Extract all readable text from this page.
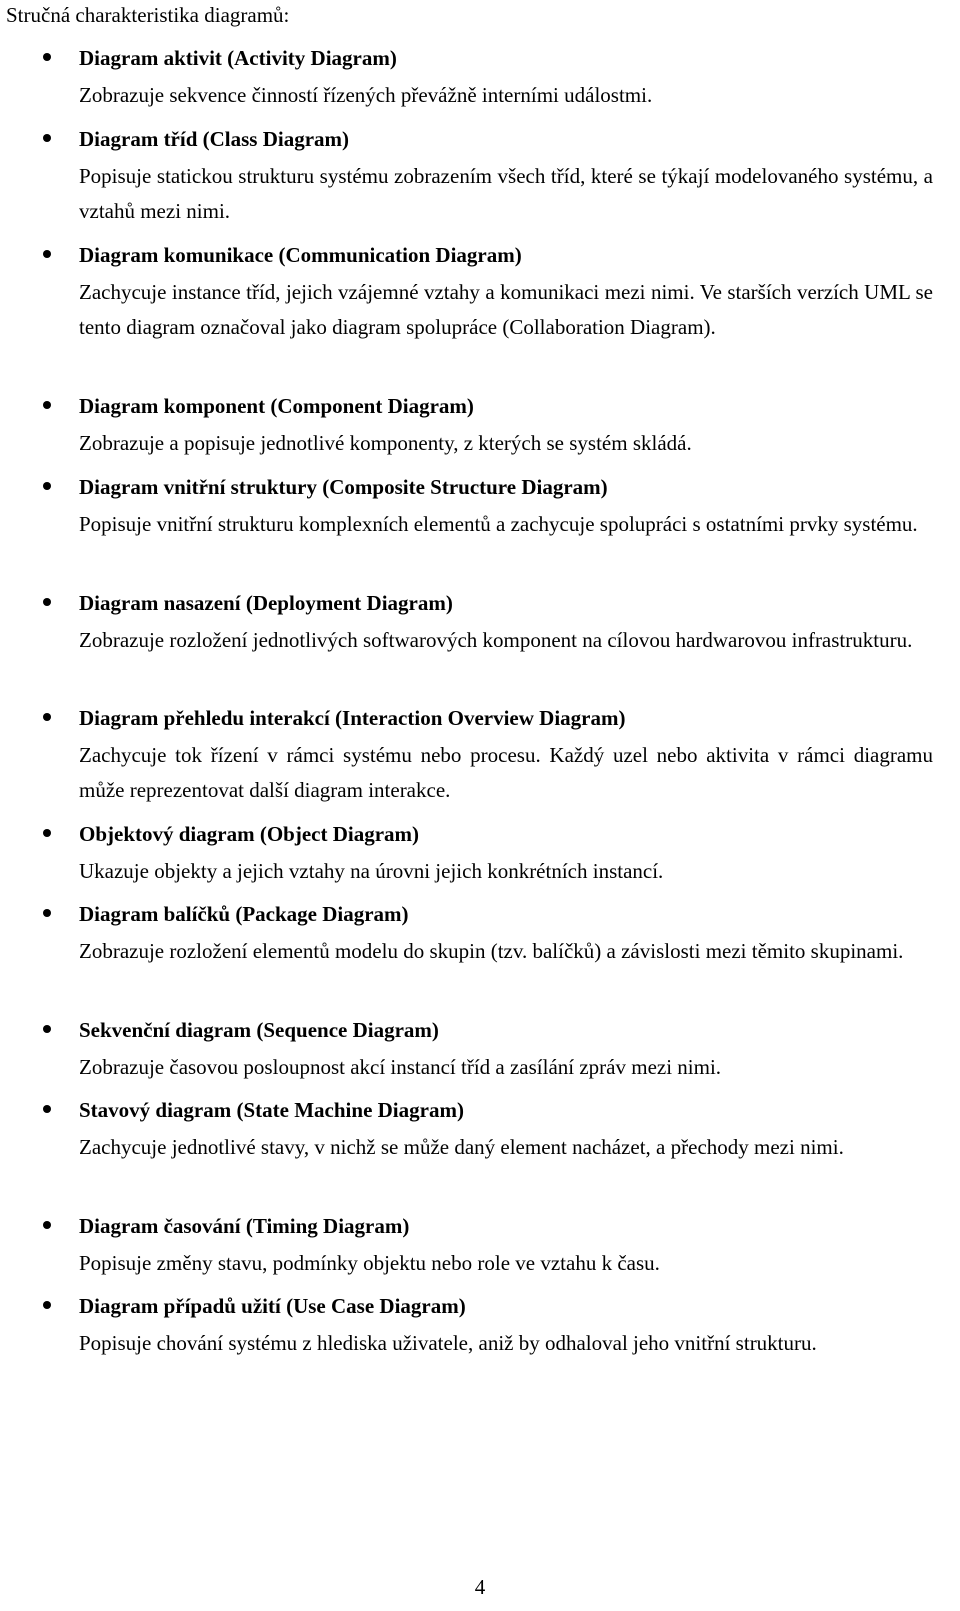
Stručná charakteristika diagramů:
Diagram aktivit (Activity Diagram)
Zobrazuje sekvence činností řízených převážně interními událostmi.
Diagram tříd (Class Diagram)
Popisuje statickou strukturu systému zobrazením všech tříd, které se týkají modelovaného systému, a vztahů mezi nimi.
Diagram komunikace (Communication Diagram)
Zachycuje instance tříd, jejich vzájemné vztahy a komunikaci mezi nimi. Ve starších verzích UML se tento diagram označoval jako diagram spolupráce (Collaboration Diagram).
Diagram komponent (Component Diagram)
Zobrazuje a popisuje jednotlivé komponenty, z kterých se systém skládá.
Diagram vnitřní struktury (Composite Structure Diagram)
Popisuje vnitřní strukturu komplexních elementů a zachycuje spolupráci s ostatními prvky systému.
Diagram nasazení (Deployment Diagram)
Zobrazuje rozložení jednotlivých softwarových komponent na cílovou hardwarovou infrastrukturu.
Diagram přehledu interakcí (Interaction Overview Diagram)
Zachycuje tok řízení v rámci systému nebo procesu. Každý uzel nebo aktivita v rámci diagramu může reprezentovat další diagram interakce.
Objektový diagram (Object Diagram)
Ukazuje objekty a jejich vztahy na úrovni jejich konkrétních instancí.
Diagram balíčků (Package Diagram)
Zobrazuje rozložení elementů modelu do skupin (tzv. balíčků) a závislosti mezi těmito skupinami.
Sekvenční diagram (Sequence Diagram)
Zobrazuje časovou posloupnost akcí instancí tříd a zasílání zpráv mezi nimi.
Stavový diagram (State Machine Diagram)
Zachycuje jednotlivé stavy, v nichž se může daný element nacházet, a přechody mezi nimi.
Diagram časování (Timing Diagram)
Popisuje změny stavu, podmínky objektu nebo role ve vztahu k času.
Diagram případů užití (Use Case Diagram)
Popisuje chování systému z hlediska uživatele, aniž by odhaloval jeho vnitřní strukturu.
4
